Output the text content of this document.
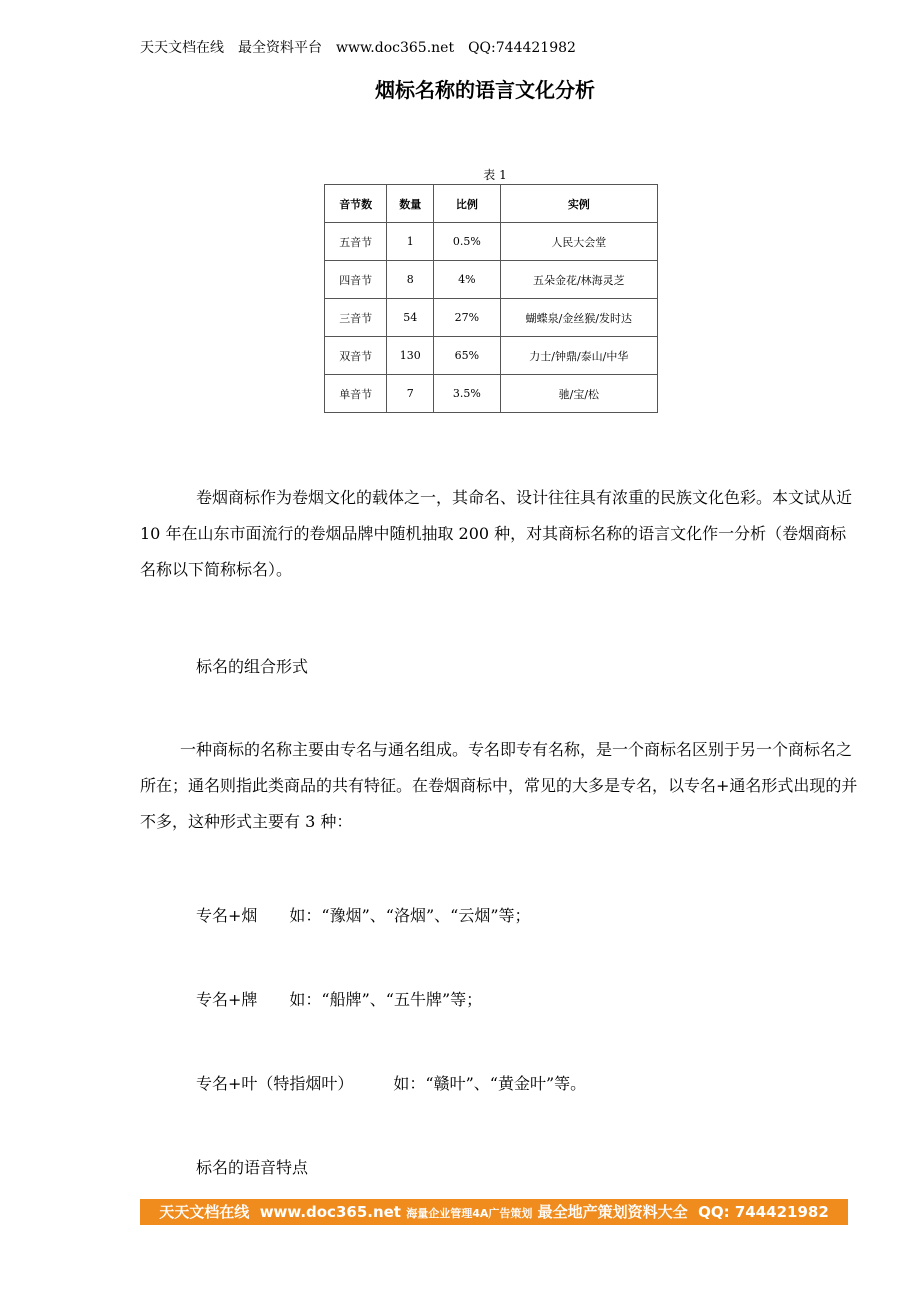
天天文档在线 最全资料平台 www.doc365.net QQ:744421982
烟标名称的语言文化分析
表 1
音节数	数量	比例	实例
五音节	1	0.5%	人民大会堂
四音节	8	4%	五朵金花/林海灵芝
三音节	54	27%	蝴蝶泉/金丝猴/发时达
双音节	130	65%	力士/钟鼎/泰山/中华
单音节	7	3.5%	驰/宝/松
卷烟商标作为卷烟文化的载体之一，其命名、设计往往具有浓重的民族文化色彩。本文试从近 10 年在山东市面流行的卷烟品牌中随机抽取 200 种，对其商标名称的语言文化作一分析（卷烟商标名称以下简称标名）。
标名的组合形式
一种商标的名称主要由专名与通名组成。专名即专有名称，是一个商标名区别于另一个商标名之所在；通名则指此类商品的共有特征。在卷烟商标中，常见的大多是专名，以专名+通名形式出现的并不多，这种形式主要有 3 种：
专名+烟 如：“豫烟”、“洛烟”、“云烟”等；
专名+牌 如：“船牌”、“五牛牌”等；
专名+叶（特指烟叶）	如：“赣叶”、“黄金叶”等。
标名的语音特点
天天文档在线 www.doc365.net 海量企业管理4A广告策划 最全地产策划资料大全 QQ: 744421982
